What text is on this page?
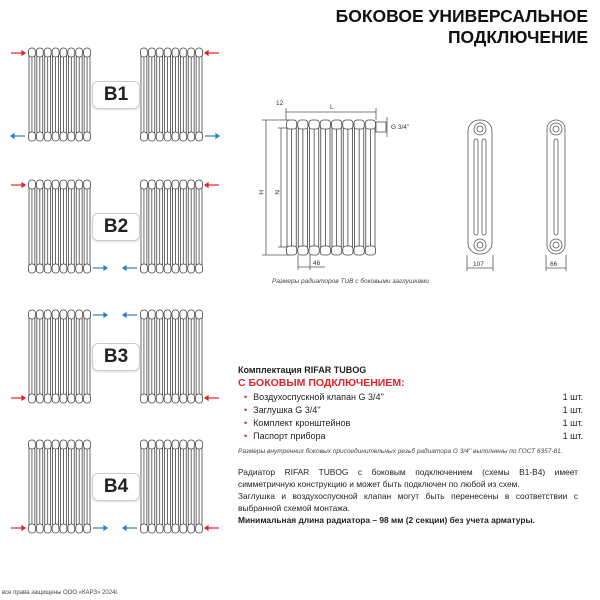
БОКОВОЕ УНИВЕРСАЛЬНОЕ
ПОДКЛЮЧЕНИЕ
12
L
G 3/4''
H N
46	107	66
Размеры радиаторов TUB с боковыми заглушками
Комплектация RIFAR TUBOG
С БОКОВЫМ ПОДКЛЮЧЕНИЕМ:
• Воздухоспускной клапан G 3/4''	1 шт.
• Заглушка G 3/4''	1 шт.
• Комплект кронштейнов	1 шт.
• Паспорт прибора	1 шт.
Размеры внутренних боковых присоединительных резьб радиатора G 3/4'' выполнены по ГОСТ 6357-81.
Радиатор RIFAR TUBOG с боковым подключением (схемы В1-В4) имеет симметричную конструкцию и может быть подключен по любой из схем.
Заглушка и воздухоспускной клапан могут быть перенесены в соответствии с выбранной схемой монтажа.
Минимальная длина радиатора – 98 мм (2 секции) без учета арматуры.
все права защищены ООО «КАРЗ» 2024г.
B1
B2
B3
B4
